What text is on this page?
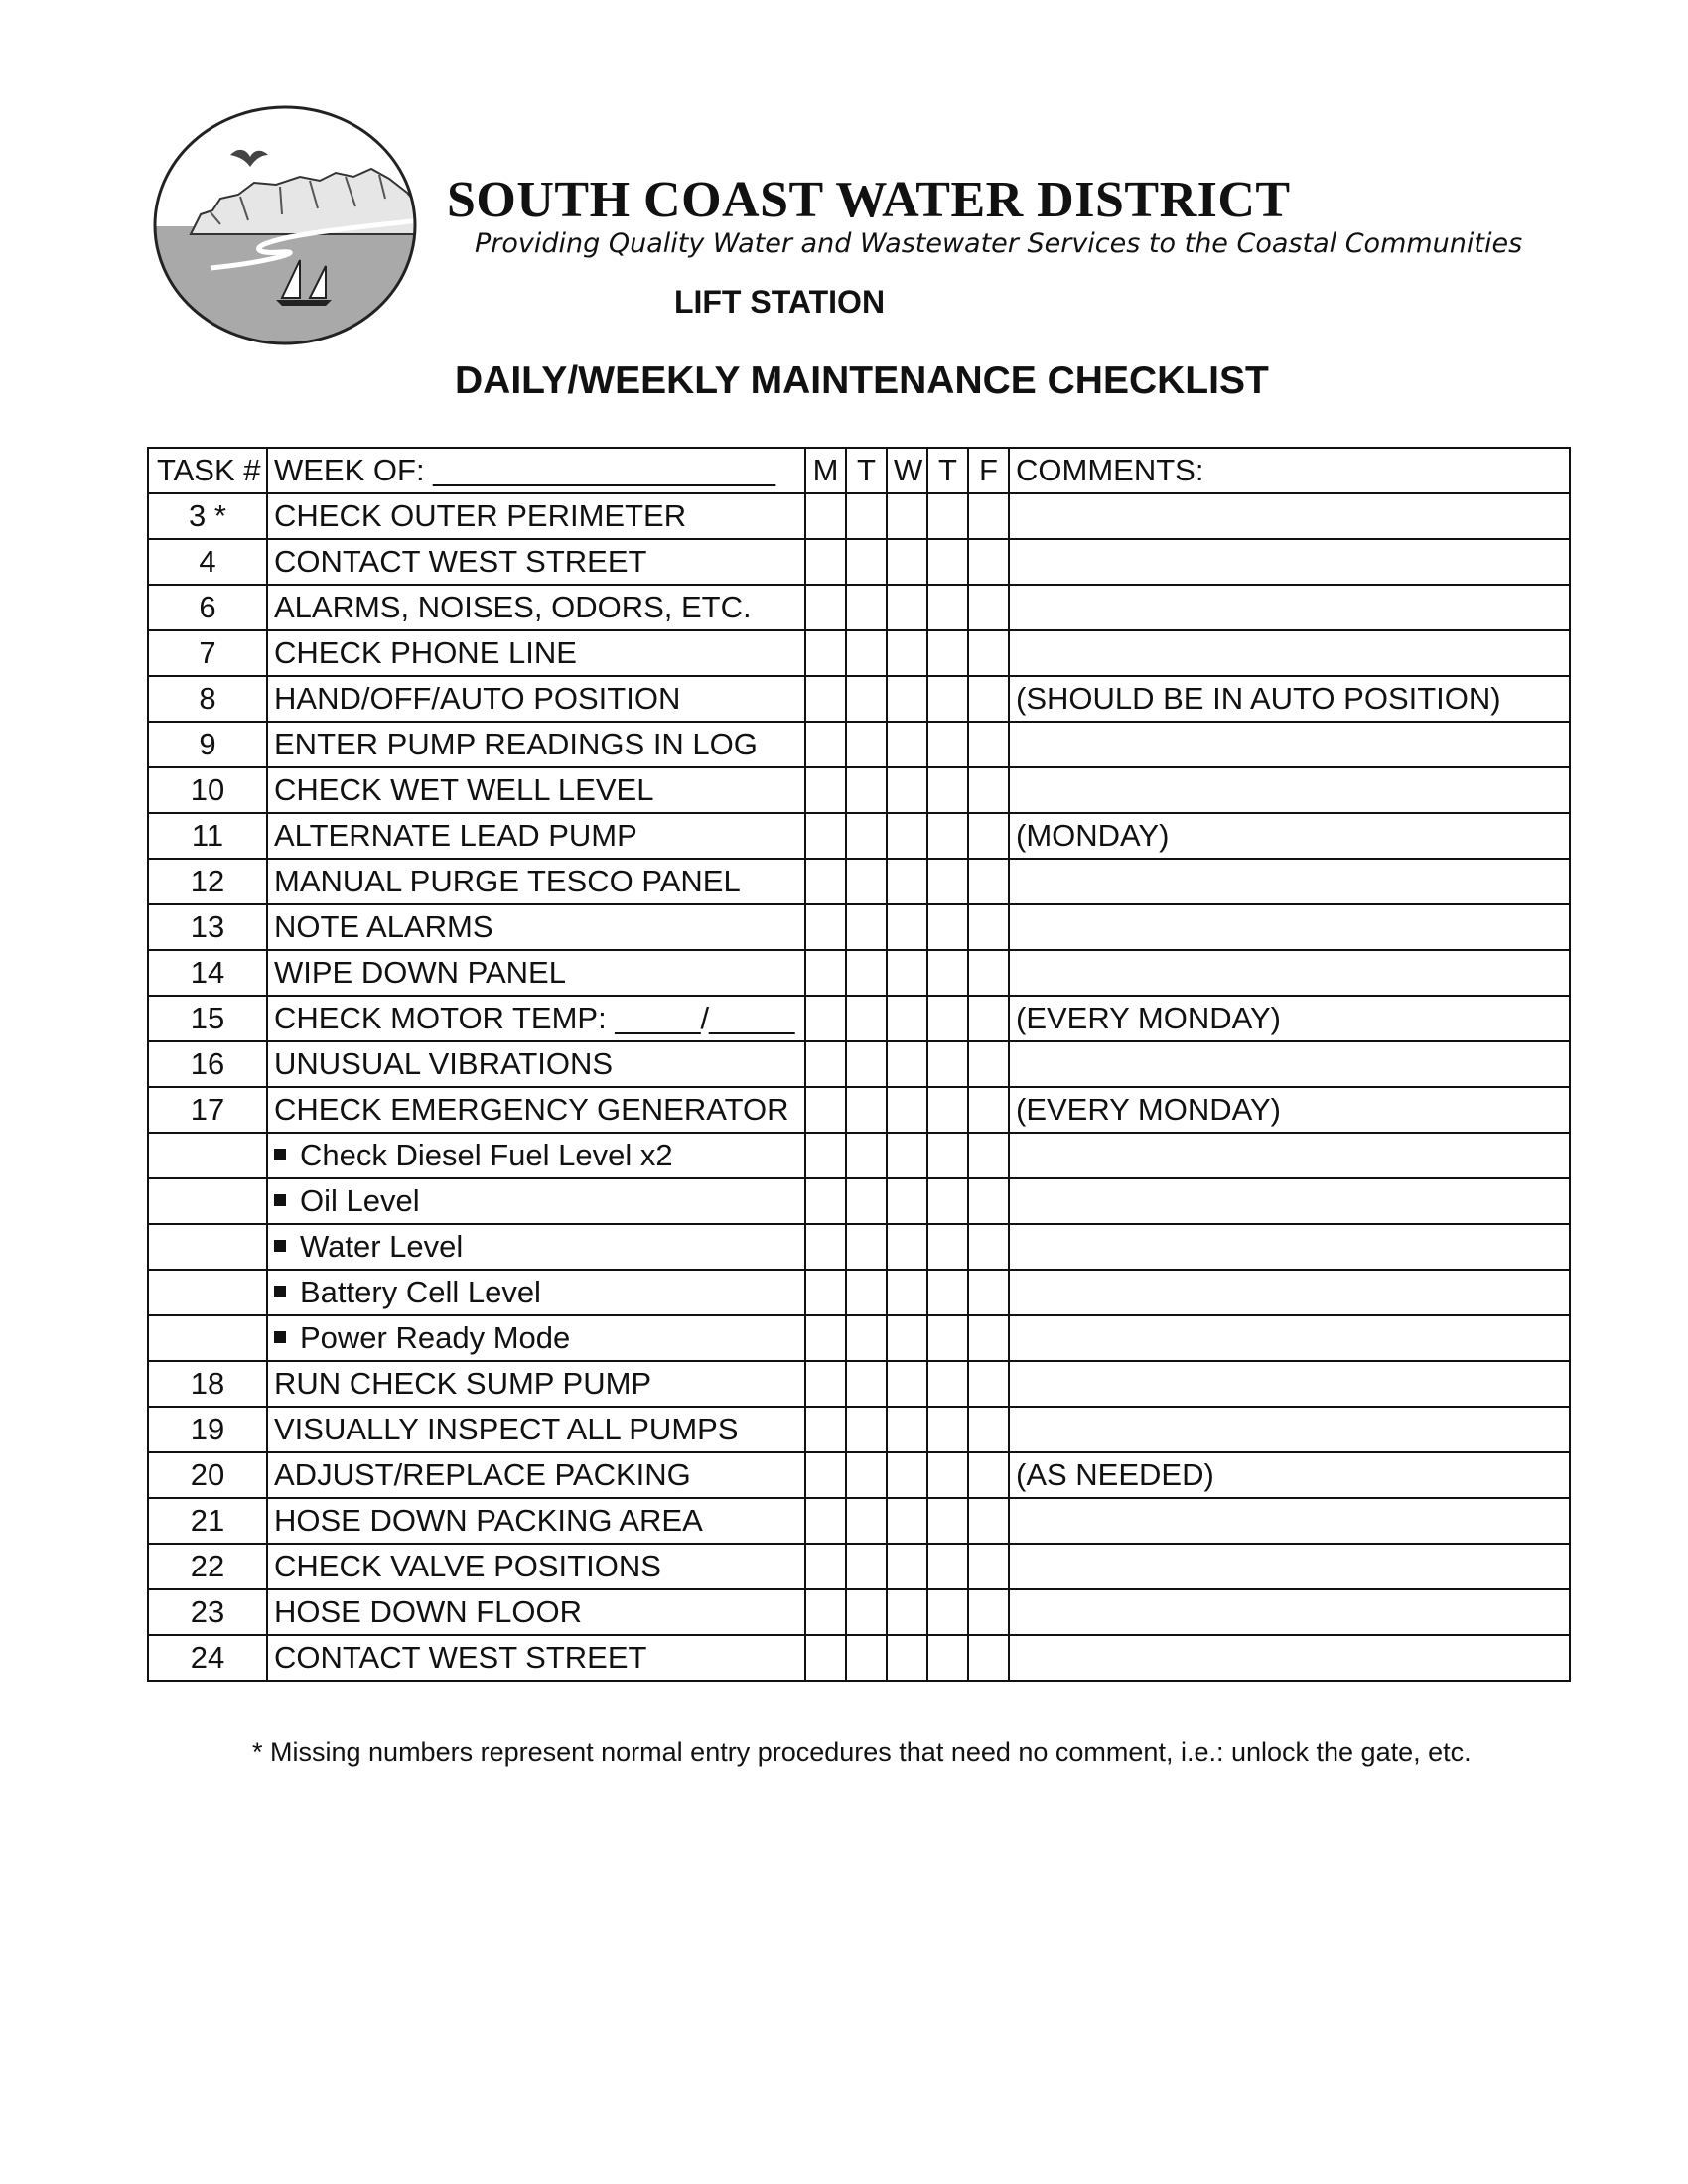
SOUTH COAST WATER DISTRICT
Providing Quality Water and Wastewater Services to the Coastal Communities
LIFT STATION
DAILY/WEEKLY MAINTENANCE CHECKLIST
TASK #	WEEK OF: ____________________	M	T	W	T	F	COMMENTS:
3 *	CHECK OUTER PERIMETER						
4	CONTACT WEST STREET						
6	ALARMS, NOISES, ODORS, ETC.						
7	CHECK PHONE LINE						
8	HAND/OFF/AUTO POSITION						(SHOULD BE IN AUTO POSITION)
9	ENTER PUMP READINGS IN LOG						
10	CHECK WET WELL LEVEL						
11	ALTERNATE LEAD PUMP						(MONDAY)
12	MANUAL PURGE TESCO PANEL						
13	NOTE ALARMS						
14	WIPE DOWN PANEL						
15	CHECK MOTOR TEMP: _____/_____						(EVERY MONDAY)
16	UNUSUAL VIBRATIONS						
17	CHECK EMERGENCY GENERATOR						(EVERY MONDAY)
	Check Diesel Fuel Level x2						
	Oil Level						
	Water Level						
	Battery Cell Level						
	Power Ready Mode						
18	RUN CHECK SUMP PUMP						
19	VISUALLY INSPECT ALL PUMPS						
20	ADJUST/REPLACE PACKING						(AS NEEDED)
21	HOSE DOWN PACKING AREA						
22	CHECK VALVE POSITIONS						
23	HOSE DOWN FLOOR						
24	CONTACT WEST STREET						
* Missing numbers represent normal entry procedures that need no comment, i.e.: unlock the gate, etc.
